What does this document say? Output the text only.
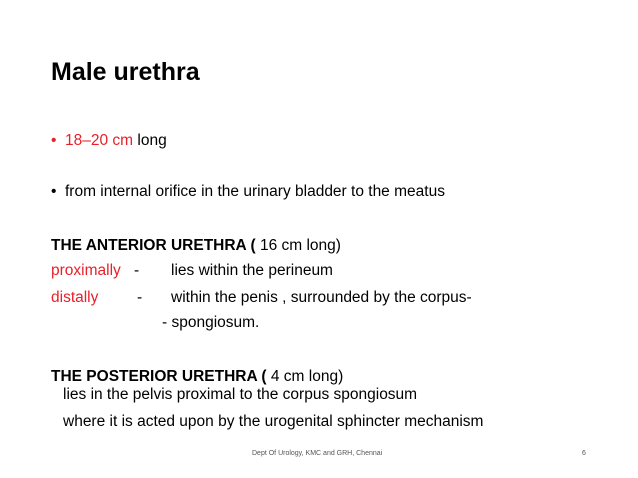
Male urethra
• 18–20 cm long
• from internal orifice in the urinary bladder to the meatus
THE ANTERIOR URETHRA ( 16 cm long)
proximally - lies within the perineum
distally - within the penis , surrounded by the corpus-
- spongiosum.
THE POSTERIOR URETHRA ( 4 cm long)
lies in the pelvis proximal to the corpus spongiosum
where it is acted upon by the urogenital sphincter mechanism
Dept Of Urology, KMC and GRH, Chennai	6
